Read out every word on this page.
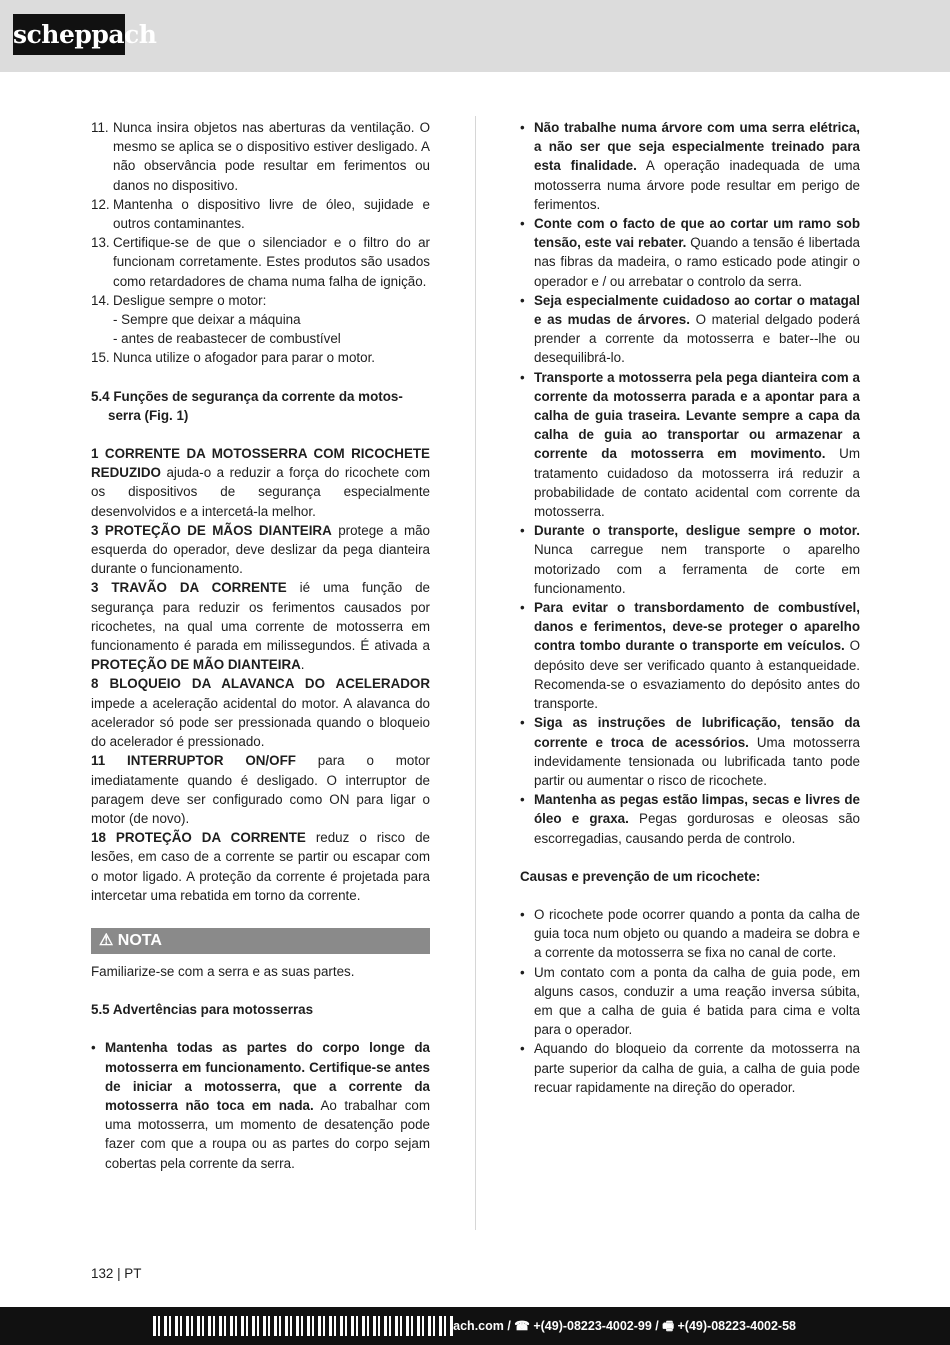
scheppach
11. Nunca insira objetos nas aberturas da ventilação. O mesmo se aplica se o dispositivo estiver desligado. A não observância pode resultar em ferimentos ou danos no dispositivo.
12. Mantenha o dispositivo livre de óleo, sujidade e outros contaminantes.
13. Certifique-se de que o silenciador e o filtro do ar funcionam corretamente. Estes produtos são usados como retardadores de chama numa falha de ignição.
14. Desligue sempre o motor:
- Sempre que deixar a máquina
- antes de reabastecer de combustível
15. Nunca utilize o afogador para parar o motor.

5.4 Funções de segurança da corrente da motos-

serra (Fig. 1)

1 CORRENTE DA MOTOSSERRA COM RICOCHETE REDUZIDO ajuda-o a reduzir a força do ricochete com os dispositivos de segurança especialmente desenvolvidos e a intercetá-la melhor.

3 PROTEÇÃO DE MÃOS DIANTEIRA protege a mão esquerda do operador, deve deslizar da pega dianteira durante o funcionamento.

3 TRAVÃO DA CORRENTE ié uma função de segurança para reduzir os ferimentos causados por ricochetes, na qual uma corrente de motosserra em funcionamento é parada em milissegundos. É ativada a PROTEÇÃO DE MÃO DIANTEIRA.

8 BLOQUEIO DA ALAVANCA DO ACELERADOR impede a aceleração acidental do motor. A alavanca do acelerador só pode ser pressionada quando o bloqueio do acelerador é pressionado.

11 INTERRUPTOR ON/OFF para o motor imediatamente quando é desligado. O interruptor de paragem deve ser configurado como ON para ligar o motor (de novo).

18 PROTEÇÃO DA CORRENTE reduz o risco de lesões, em caso de a corrente se partir ou escapar com o motor ligado. A proteção da corrente é projetada para intercetar uma rebatida em torno da corrente.

⚠ NOTA

Familiarize-se com a serra e as suas partes.

5.5 Advertências para motosserras

• Mantenha todas as partes do corpo longe da motosserra em funcionamento. Certifique-se antes de iniciar a motosserra, que a corrente da motosserra não toca em nada. Ao trabalhar com uma motosserra, um momento de desatenção pode fazer com que a roupa ou as partes do corpo sejam cobertas pela corrente da serra.
• Não trabalhe numa árvore com uma serra elétrica, a não ser que seja especialmente treinado para esta finalidade. A operação inadequada de uma motosserra numa árvore pode resultar em perigo de ferimentos.
• Conte com o facto de que ao cortar um ramo sob tensão, este vai rebater. Quando a tensão é libertada nas fibras da madeira, o ramo esticado pode atingir o operador e / ou arrebatar o controlo da serra.
• Seja especialmente cuidadoso ao cortar o matagal e as mudas de árvores. O material delgado poderá prender a corrente da motosserra e bater--lhe ou desequilibrá-lo.
• Transporte a motosserra pela pega dianteira com a corrente da motosserra parada e a apontar para a calha de guia traseira. Levante sempre a capa da calha de guia ao transportar ou armazenar a corrente da motosserra em movimento. Um tratamento cuidadoso da motosserra irá reduzir a probabilidade de contato acidental com corrente da motosserra.
• Durante o transporte, desligue sempre o motor. Nunca carregue nem transporte o aparelho motorizado com a ferramenta de corte em funcionamento.
• Para evitar o transbordamento de combustível, danos e ferimentos, deve-se proteger o aparelho contra tombo durante o transporte em veículos. O depósito deve ser verificado quanto à estanqueidade. Recomenda-se o esvaziamento do depósito antes do transporte.
• Siga as instruções de lubrificação, tensão da corrente e troca de acessórios. Uma motosserra indevidamente tensionada ou lubrificada tanto pode partir ou aumentar o risco de ricochete.
• Mantenha as pegas estão limpas, secas e livres de óleo e graxa. Pegas gordurosas e oleosas são escorregadias, causando perda de controlo.

Causas e prevenção de um ricochete:

• O ricochete pode ocorrer quando a ponta da calha de guia toca num objeto ou quando a madeira se dobra e a corrente da motosserra se fixa no canal de corte.
• Um contato com a ponta da calha de guia pode, em alguns casos, conduzir a uma reação inversa súbita, em que a calha de guia é batida para cima e volta para o operador.
• Aquando do bloqueio da corrente da motosserra na parte superior da calha de guia, a calha de guia pode recuar rapidamente na direção do operador.
132 | PT
ach.com / ☎ +(49)-08223-4002-99 / 🖷 +(49)-08223-4002-58
